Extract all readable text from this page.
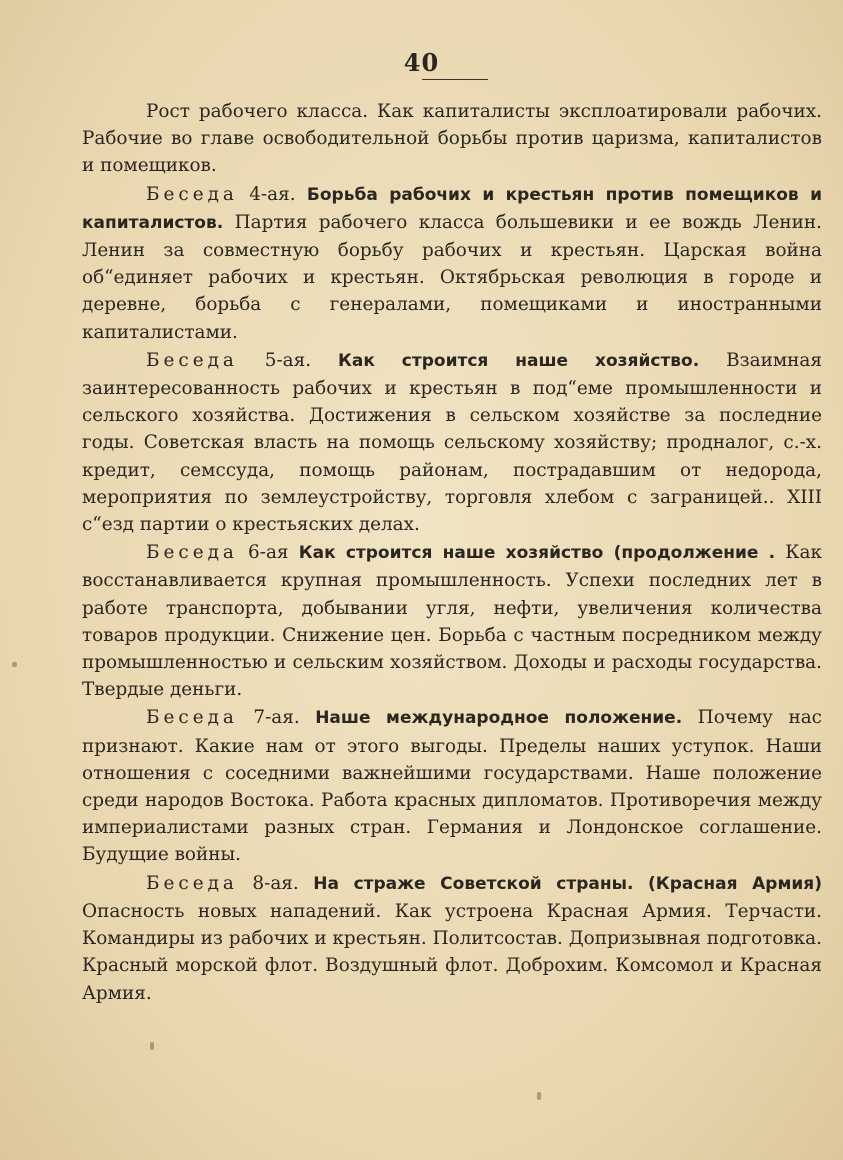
40

Рост рабочего класса. Как капиталисты эксплоатировали рабочих. Рабочие во главе освободительной борьбы против царизма, капиталистов и помещиков.

Беседа 4-ая. Борьба рабочих и крестьян против помещиков и капиталистов. Партия рабочего класса большевики и ее вождь Ленин. Ленин за совместную борьбу рабочих и крестьян. Царская война об“единяет рабочих и крестьян. Октябрьская революция в городе и деревне, борьба с генералами, помещиками и иностранными капиталистами.

Беседа 5-ая. Как строится наше хозяйство. Взаимная заинтересованность рабочих и крестьян в под“еме промышленности и сельского хозяйства. Достижения в сельском хозяйстве за последние годы. Советская власть на помощь сельскому хозяйству; продналог, с.-х. кредит, семссуда, помощь районам, пострадавшим от недорода, мероприятия по землеустройству, торговля хлебом с заграницей.. XIII с“езд партии о крестьяских делах.

Беседа 6-ая Как строится наше хозяйство (продолжение . Как восстанавливается крупная промышленность. Успехи последних лет в работе транспорта, добывании угля, нефти, увеличения количества товаров продукции. Снижение цен. Борьба с частным посредником между промышленностью и сельским хозяйством. Доходы и расходы государства. Твердые деньги.

Беседа 7-ая. Наше международное положение. Почему нас признают. Какие нам от этого выгоды. Пределы наших уступок. Наши отношения с соседними важнейшими государствами. Наше положение среди народов Востока. Работа красных дипломатов. Противоречия между империалистами разных стран. Германия и Лондонское соглашение. Будущие войны.

Беседа 8-ая. На страже Советской страны. (Красная Армия) Опасность новых нападений. Как устроена Красная Армия. Терчасти. Командиры из рабочих и крестьян. Политсостав. Допризывная подготовка. Красный морской флот. Воздушный флот. Доброхим. Комсомол и Красная Армия.
